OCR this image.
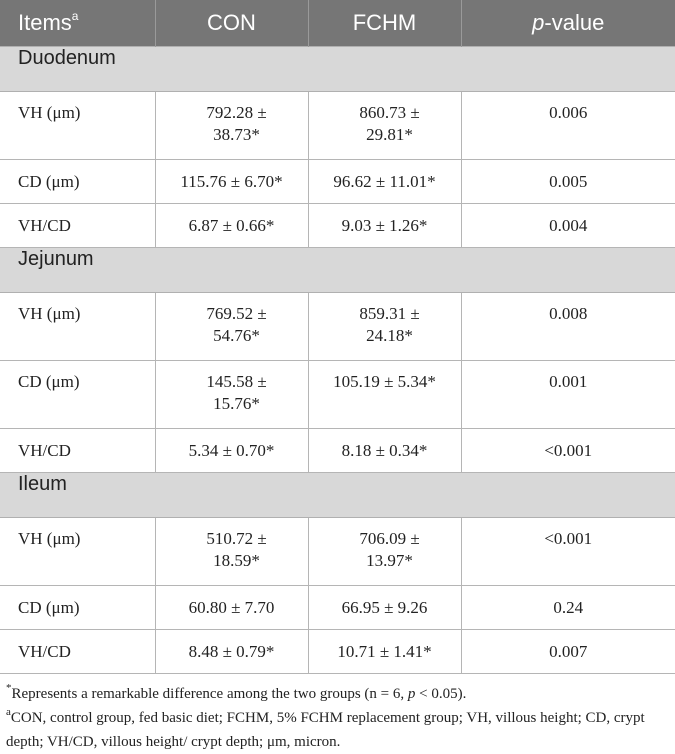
Items$^a$	CON	FCHM	p-value
Duodenum			

VH (μm)	792.28 ± 38.73*	860.73 ± 29.81*	0.006

CD (μm)	115.76 ± 6.70*	96.62 ± 11.01*	0.005

VH/CD	6.87 ± 0.66*	9.03 ± 1.26*	0.004

Jejunum			

VH (μm)	769.52 ± 54.76*	859.31 ± 24.18*	0.008

CD (μm)	145.58 ± 15.76*	105.19 ± 5.34*	0.001

VH/CD	5.34 ± 0.70*	8.18 ± 0.34*	<0.001

Ileum			

VH (μm)	510.72 ± 18.59*	706.09 ± 13.97*	<0.001

CD (μm)	60.80 ± 7.70	66.95 ± 9.26	0.24

VH/CD	8.48 ± 0.79*	10.71 ± 1.41*	0.007

*Represents a remarkable difference among the two groups (n = 6, p < 0.05).

$^a$CON, control group, fed basic diet; FCHM, 5% FCHM replacement group; VH, villous height; CD, crypt depth; VH/CD, villous height/ crypt depth; μm, micron.
